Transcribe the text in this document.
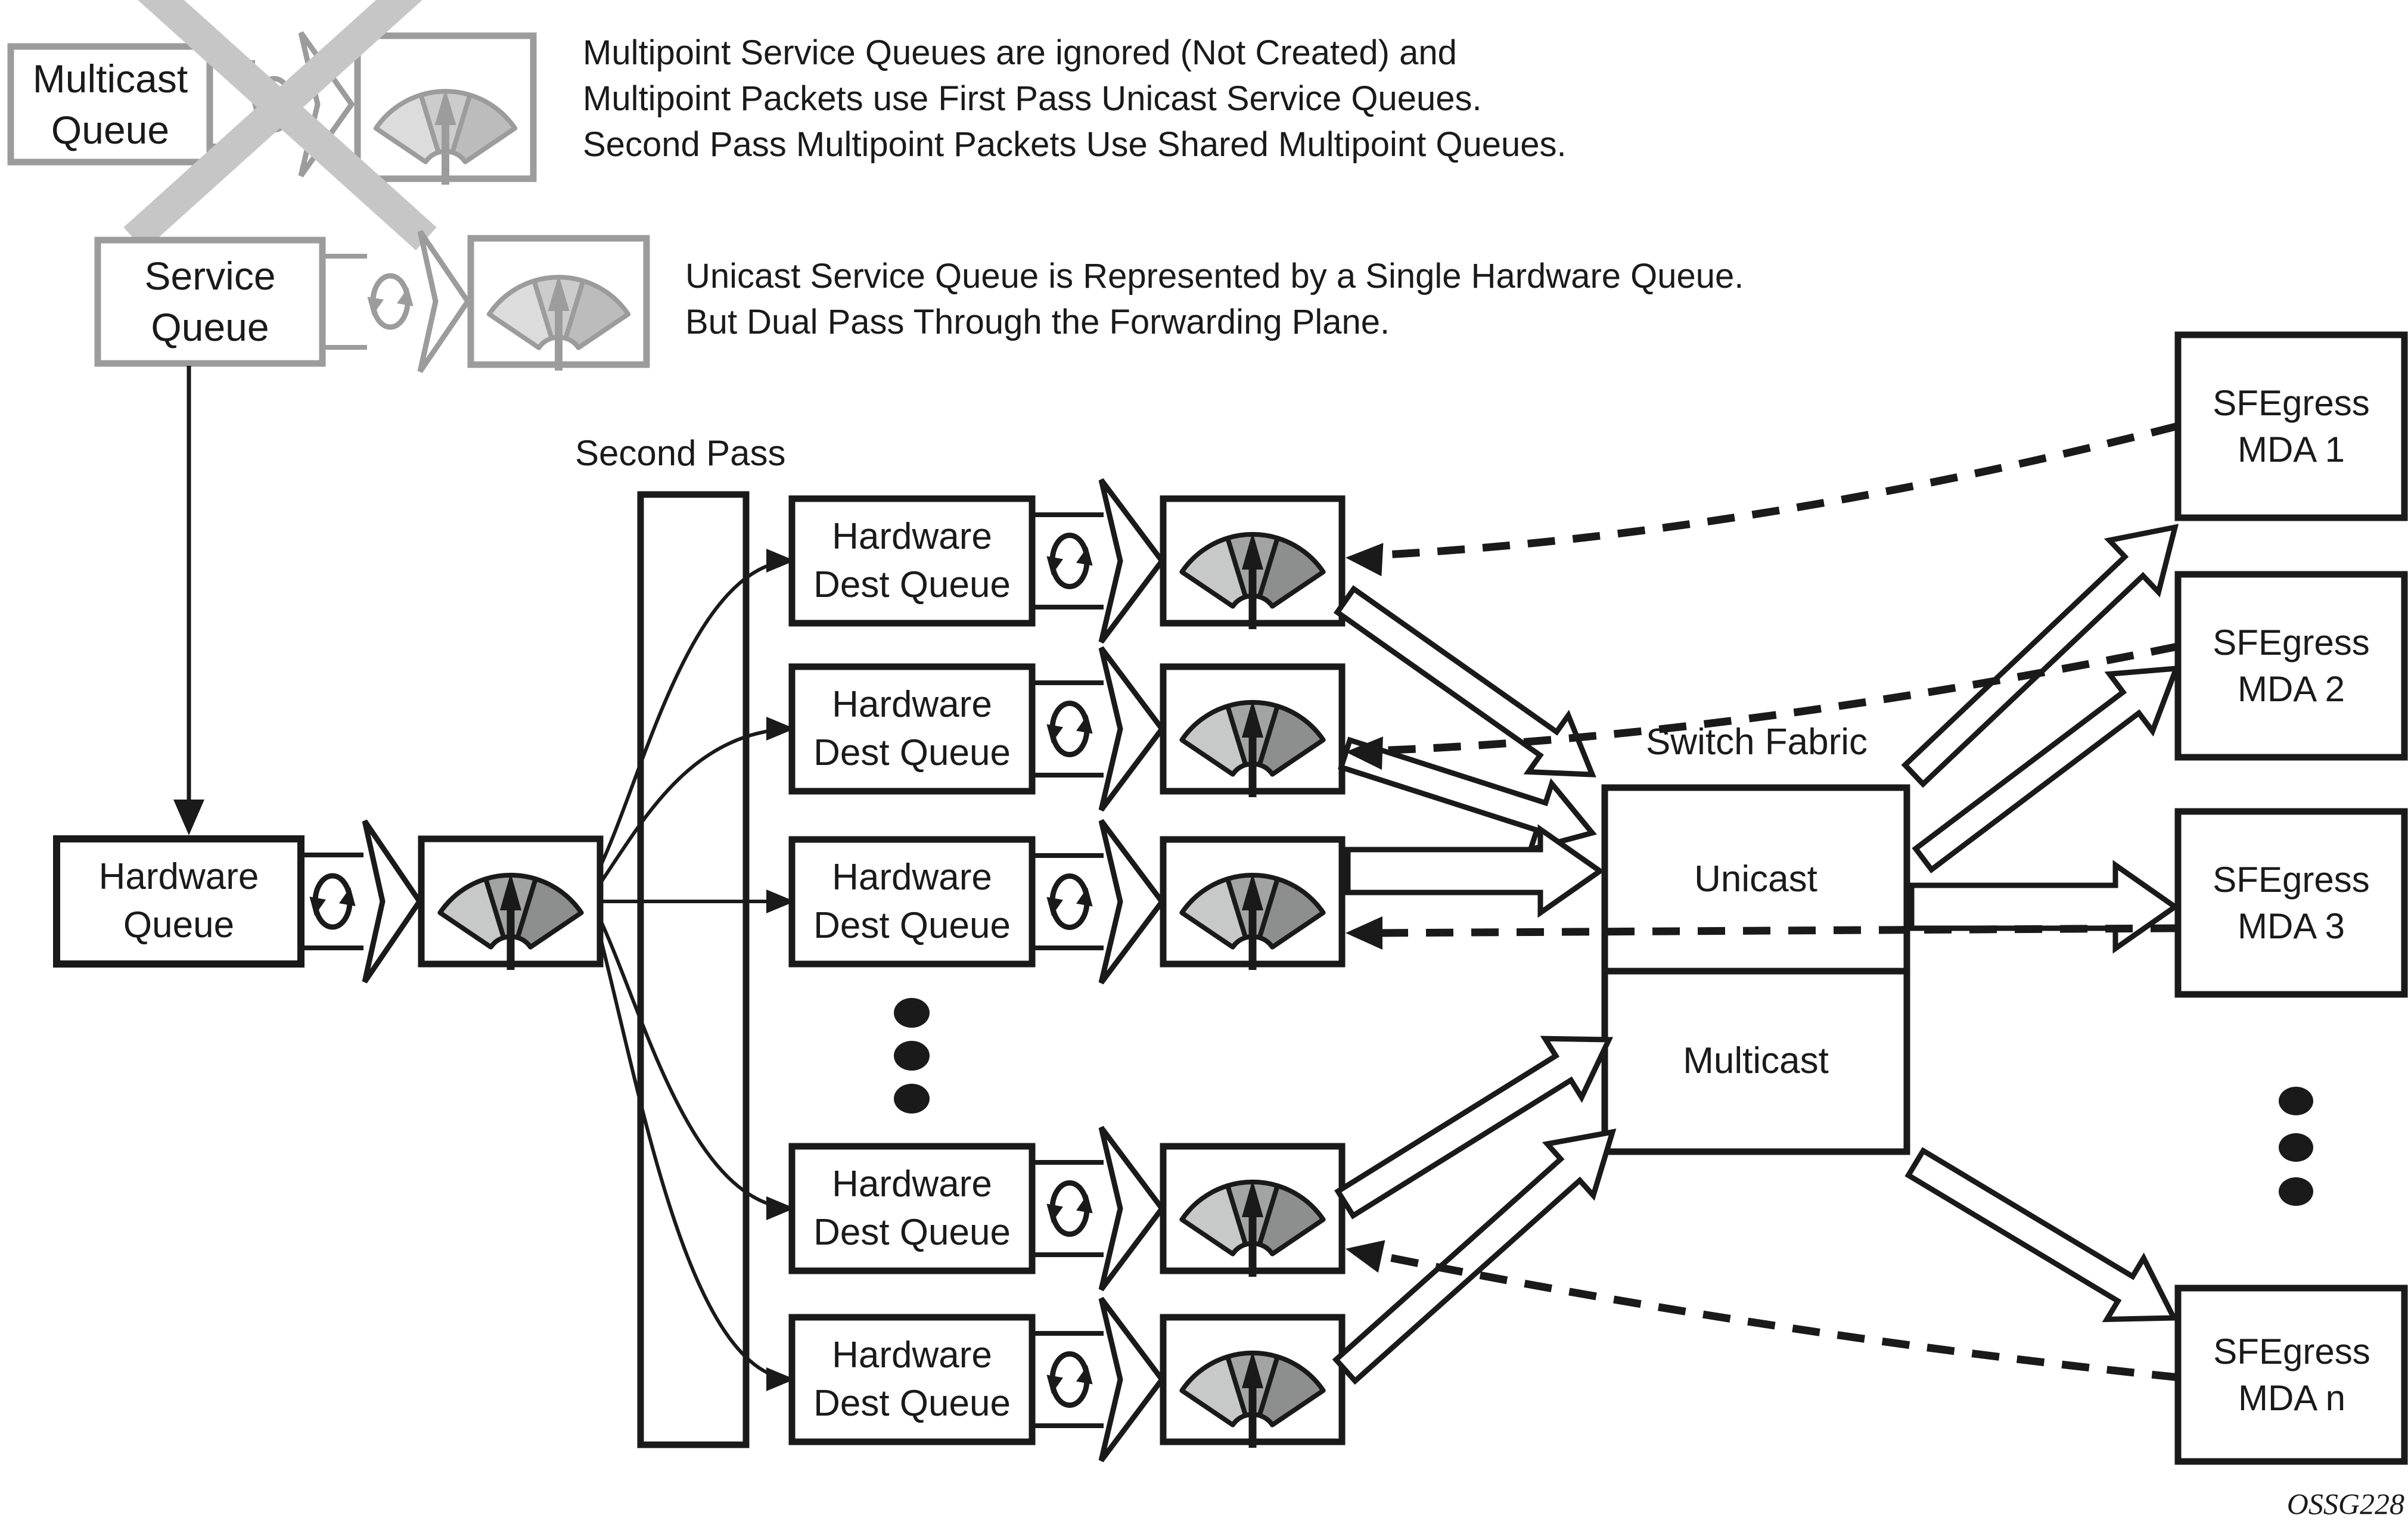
Multicast
Queue
Service
Queue
Multipoint Service Queues are ignored (Not Created) and
Multipoint Packets use First Pass Unicast Service Queues.
Second Pass Multipoint Packets Use Shared Multipoint Queues.
Unicast Service Queue is Represented by a Single Hardware Queue.
But Dual Pass Through the Forwarding Plane.
Second Pass
Hardware
Queue
Hardware
Dest Queue
Hardware
Dest Queue
Hardware
Dest Queue
Hardware
Dest Queue
Hardware
Dest Queue
Switch Fabric
Unicast
Multicast
SFEgress
MDA 1
SFEgress
MDA 2
SFEgress
MDA 3
SFEgress
MDA n
OSSG228
